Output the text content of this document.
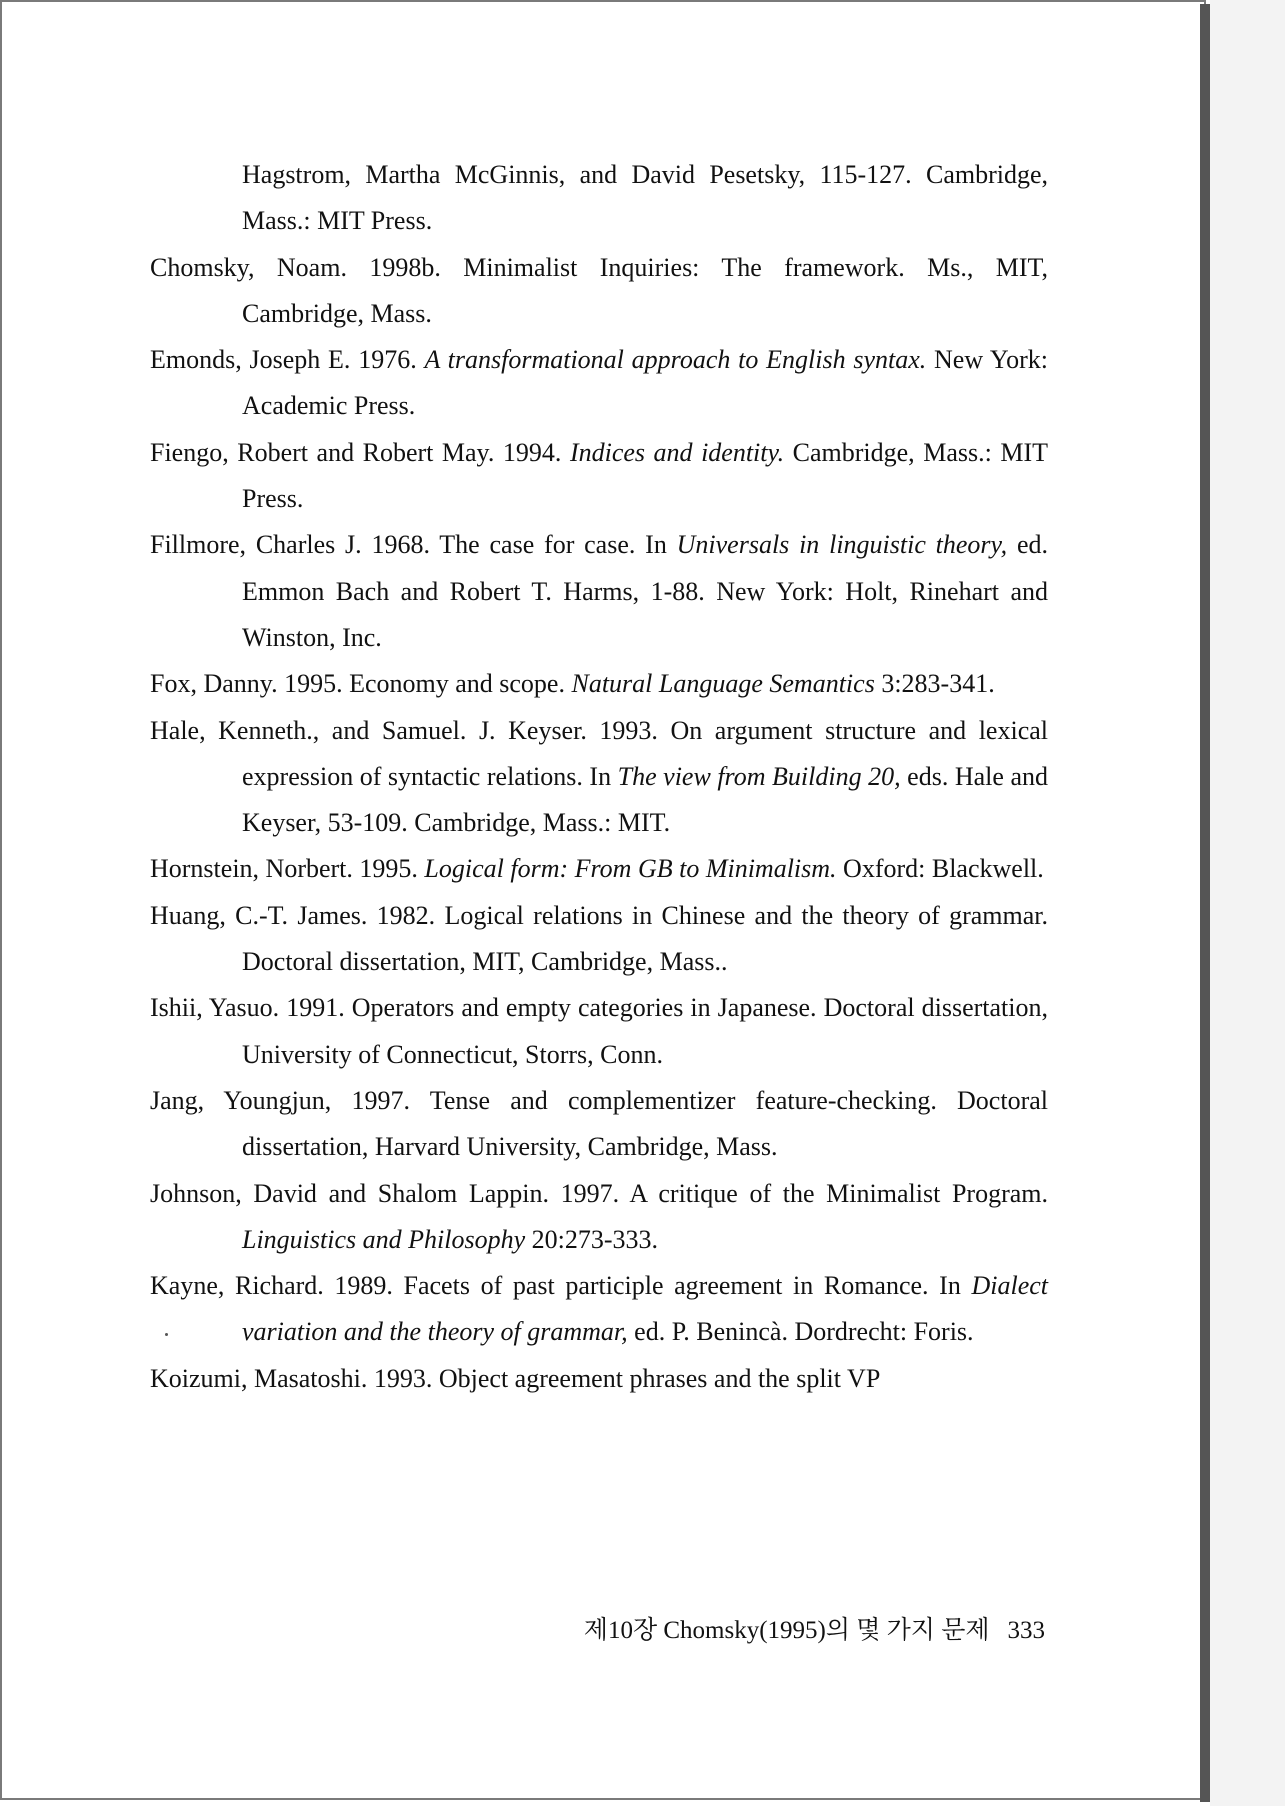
Hagstrom, Martha McGinnis, and David Pesetsky, 115-127. Cambridge, Mass.: MIT Press.

Chomsky, Noam. 1998b. Minimalist Inquiries: The framework. Ms., MIT, Cambridge, Mass.

Emonds, Joseph E. 1976. A transformational approach to English syntax. New York: Academic Press.

Fiengo, Robert and Robert May. 1994. Indices and identity. Cambridge, Mass.: MIT Press.

Fillmore, Charles J. 1968. The case for case. In Universals in linguistic theory, ed. Emmon Bach and Robert T. Harms, 1-88. New York: Holt, Rinehart and Winston, Inc.

Fox, Danny. 1995. Economy and scope. Natural Language Semantics 3:283-341.

Hale, Kenneth., and Samuel. J. Keyser. 1993. On argument structure and lexical expression of syntactic relations. In The view from Building 20, eds. Hale and Keyser, 53-109. Cambridge, Mass.: MIT.

Hornstein, Norbert. 1995. Logical form: From GB to Minimalism. Oxford: Blackwell.

Huang, C.-T. James. 1982. Logical relations in Chinese and the theory of grammar. Doctoral dissertation, MIT, Cambridge, Mass..

Ishii, Yasuo. 1991. Operators and empty categories in Japanese. Doctoral dissertation, University of Connecticut, Storrs, Conn.

Jang, Youngjun, 1997. Tense and complementizer feature-checking. Doctoral dissertation, Harvard University, Cambridge, Mass.

Johnson, David and Shalom Lappin. 1997. A critique of the Minimalist Program. Linguistics and Philosophy 20:273-333.

Kayne, Richard. 1989. Facets of past participle agreement in Romance. In Dialect variation and the theory of grammar, ed. P. Benincà. Dordrecht: Foris.

Koizumi, Masatoshi. 1993. Object agreement phrases and the split VP

제10장 Chomsky(1995)의 몇 가지 문제 333
